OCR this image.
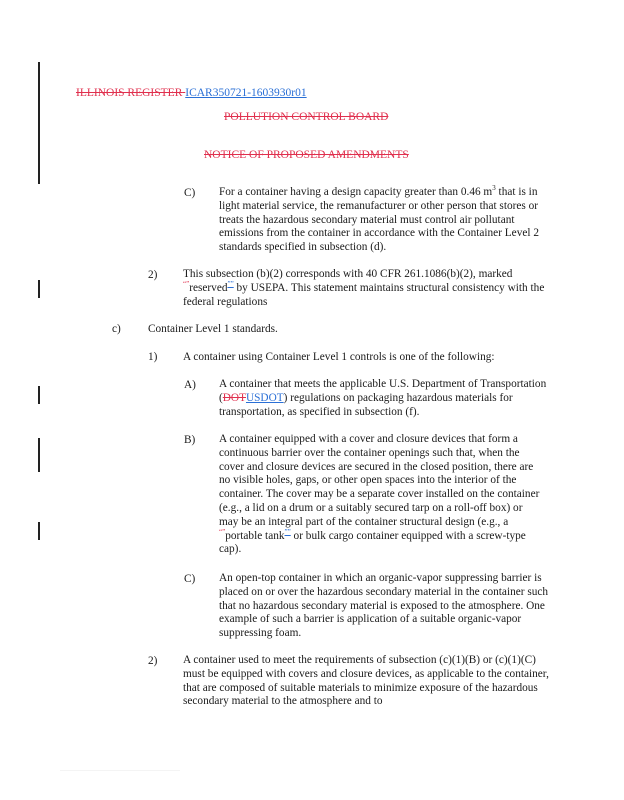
ILLINOIS REGISTER ICAR350721-1603930r01
POLLUTION CONTROL BOARD
NOTICE OF PROPOSED AMENDMENTS
C) For a container having a design capacity greater than 0.46 $m^3$ that is in light material service, the remanufacturer or other person that stores or treats the hazardous secondary material must control air pollutant emissions from the container in accordance with the Container Level 2 standards specified in subsection (d).
2) This subsection (b)(2) corresponds with 40 CFR 261.1086(b)(2), marked “”reserved”” by USEPA. This statement maintains structural consistency with the federal regulations
c) Container Level 1 standards.
1) A container using Container Level 1 controls is one of the following:
A) A container that meets the applicable U.S. Department of Transportation (DOTUSDOT) regulations on packaging hazardous materials for transportation, as specified in subsection (f).
B) A container equipped with a cover and closure devices that form a continuous barrier over the container openings such that, when the cover and closure devices are secured in the closed position, there are no visible holes, gaps, or other open spaces into the interior of the container. The cover may be a separate cover installed on the container (e.g., a lid on a drum or a suitably secured tarp on a roll-off box) or may be an integral part of the container structural design (e.g., a “”portable tank”” or bulk cargo container equipped with a screw-type cap).
C) An open-top container in which an organic-vapor suppressing barrier is placed on or over the hazardous secondary material in the container such that no hazardous secondary material is exposed to the atmosphere. One example of such a barrier is application of a suitable organic-vapor suppressing foam.
2) A container used to meet the requirements of subsection (c)(1)(B) or (c)(1)(C) must be equipped with covers and closure devices, as applicable to the container, that are composed of suitable materials to minimize exposure of the hazardous secondary material to the atmosphere and to
